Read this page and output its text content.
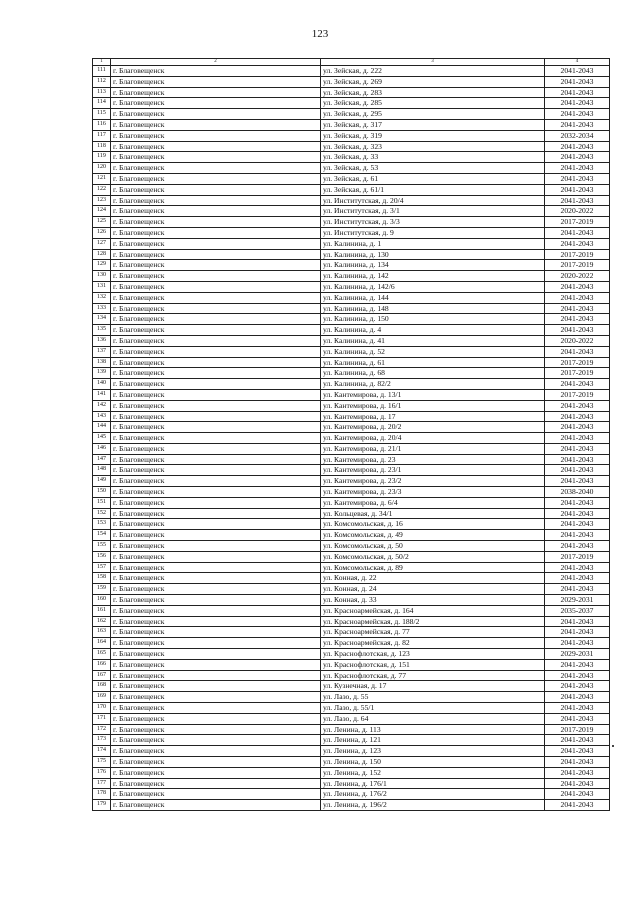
123
1	2	3	4
111	г. Благовещенск	ул. Зейская, д. 222	2041-2043
112	г. Благовещенск	ул. Зейская, д. 269	2041-2043
113	г. Благовещенск	ул. Зейская, д. 283	2041-2043
114	г. Благовещенск	ул. Зейская, д. 285	2041-2043
115	г. Благовещенск	ул. Зейская, д. 295	2041-2043
116	г. Благовещенск	ул. Зейская, д. 317	2041-2043
117	г. Благовещенск	ул. Зейская, д. 319	2032-2034
118	г. Благовещенск	ул. Зейская, д. 323	2041-2043
119	г. Благовещенск	ул. Зейская, д. 33	2041-2043
120	г. Благовещенск	ул. Зейская, д. 53	2041-2043
121	г. Благовещенск	ул. Зейская, д. 61	2041-2043
122	г. Благовещенск	ул. Зейская, д. 61/1	2041-2043
123	г. Благовещенск	ул. Институтская, д. 20/4	2041-2043
124	г. Благовещенск	ул. Институтская, д. 3/1	2020-2022
125	г. Благовещенск	ул. Институтская, д. 3/3	2017-2019
126	г. Благовещенск	ул. Институтская, д. 9	2041-2043
127	г. Благовещенск	ул. Калинина, д. 1	2041-2043
128	г. Благовещенск	ул. Калинина, д. 130	2017-2019
129	г. Благовещенск	ул. Калинина, д. 134	2017-2019
130	г. Благовещенск	ул. Калинина, д. 142	2020-2022
131	г. Благовещенск	ул. Калинина, д. 142/6	2041-2043
132	г. Благовещенск	ул. Калинина, д. 144	2041-2043
133	г. Благовещенск	ул. Калинина, д. 148	2041-2043
134	г. Благовещенск	ул. Калинина, д. 150	2041-2043
135	г. Благовещенск	ул. Калинина, д. 4	2041-2043
136	г. Благовещенск	ул. Калинина, д. 41	2020-2022
137	г. Благовещенск	ул. Калинина, д. 52	2041-2043
138	г. Благовещенск	ул. Калинина, д. 61	2017-2019
139	г. Благовещенск	ул. Калинина, д. 68	2017-2019
140	г. Благовещенск	ул. Калинина, д. 82/2	2041-2043
141	г. Благовещенск	ул. Кантемирова, д. 13/1	2017-2019
142	г. Благовещенск	ул. Кантемирова, д. 16/1	2041-2043
143	г. Благовещенск	ул. Кантемирова, д. 17	2041-2043
144	г. Благовещенск	ул. Кантемирова, д. 20/2	2041-2043
145	г. Благовещенск	ул. Кантемирова, д. 20/4	2041-2043
146	г. Благовещенск	ул. Кантемирова, д. 21/1	2041-2043
147	г. Благовещенск	ул. Кантемирова, д. 23	2041-2043
148	г. Благовещенск	ул. Кантемирова, д. 23/1	2041-2043
149	г. Благовещенск	ул. Кантемирова, д. 23/2	2041-2043
150	г. Благовещенск	ул. Кантемирова, д. 23/3	2038-2040
151	г. Благовещенск	ул. Кантемирова, д. 6/4	2041-2043
152	г. Благовещенск	ул. Кольцевая, д. 34/1	2041-2043
153	г. Благовещенск	ул. Комсомольская, д. 16	2041-2043
154	г. Благовещенск	ул. Комсомольская, д. 49	2041-2043
155	г. Благовещенск	ул. Комсомольская, д. 50	2041-2043
156	г. Благовещенск	ул. Комсомольская, д. 50/2	2017-2019
157	г. Благовещенск	ул. Комсомольская, д. 89	2041-2043
158	г. Благовещенск	ул. Конная, д. 22	2041-2043
159	г. Благовещенск	ул. Конная, д. 24	2041-2043
160	г. Благовещенск	ул. Конная, д. 33	2029-2031
161	г. Благовещенск	ул. Красноармейская, д. 164	2035-2037
162	г. Благовещенск	ул. Красноармейская, д. 188/2	2041-2043
163	г. Благовещенск	ул. Красноармейская, д. 77	2041-2043
164	г. Благовещенск	ул. Красноармейская, д. 82	2041-2043
165	г. Благовещенск	ул. Краснофлотская, д. 123	2029-2031
166	г. Благовещенск	ул. Краснофлотская, д. 151	2041-2043
167	г. Благовещенск	ул. Краснофлотская, д. 77	2041-2043
168	г. Благовещенск	ул. Кузнечная, д. 17	2041-2043
169	г. Благовещенск	ул. Лазо, д. 55	2041-2043
170	г. Благовещенск	ул. Лазо, д. 55/1	2041-2043
171	г. Благовещенск	ул. Лазо, д. 64	2041-2043
172	г. Благовещенск	ул. Ленина, д. 113	2017-2019
173	г. Благовещенск	ул. Ленина, д. 121	2041-2043
174	г. Благовещенск	ул. Ленина, д. 123	2041-2043
175	г. Благовещенск	ул. Ленина, д. 150	2041-2043
176	г. Благовещенск	ул. Ленина, д. 152	2041-2043
177	г. Благовещенск	ул. Ленина, д. 176/1	2041-2043
178	г. Благовещенск	ул. Ленина, д. 176/2	2041-2043
179	г. Благовещенск	ул. Ленина, д. 196/2	2041-2043
